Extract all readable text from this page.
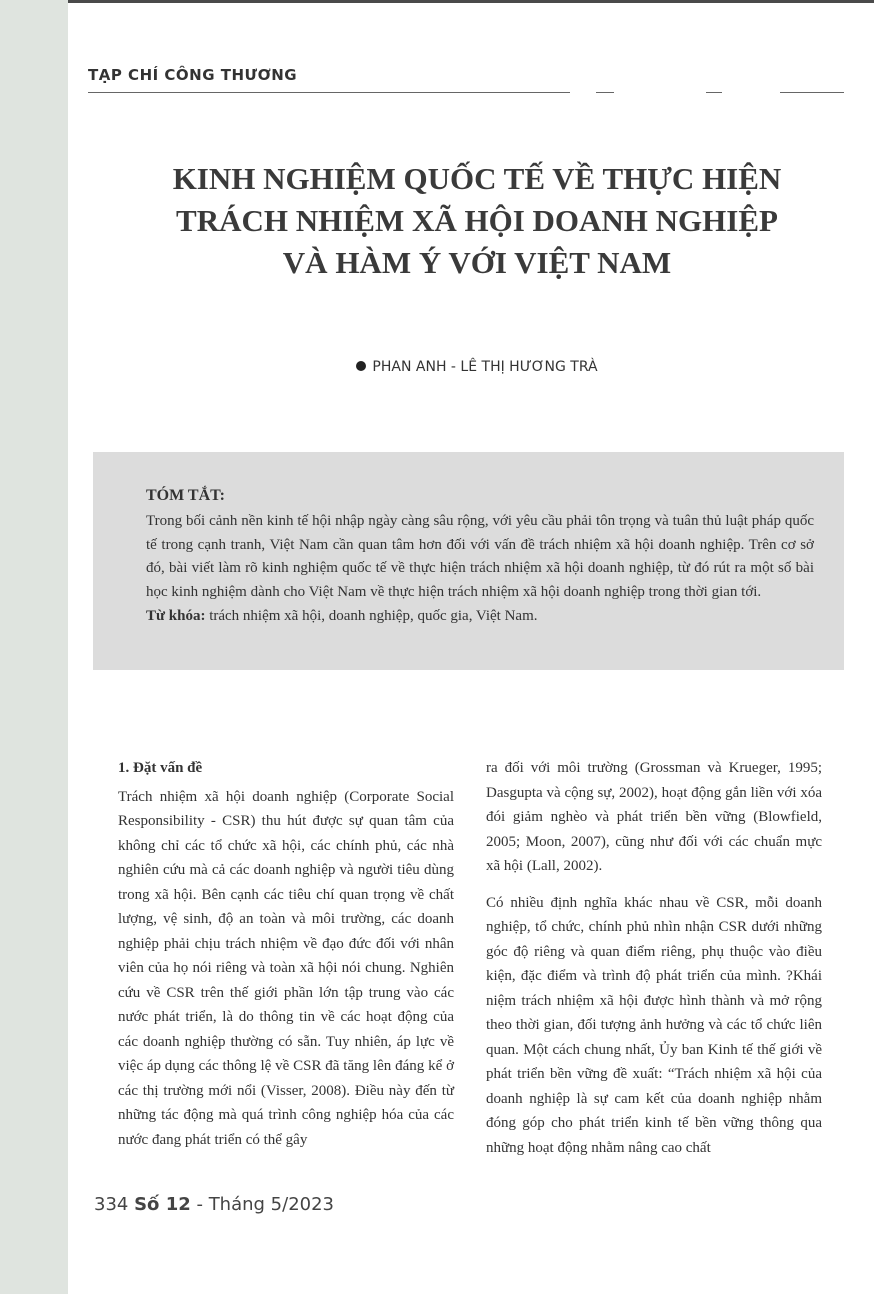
TẠP CHÍ CÔNG THƯƠNG
KINH NGHIỆM QUỐC TẾ VỀ THỰC HIỆN
TRÁCH NHIỆM XÃ HỘI DOANH NGHIỆP
VÀ HÀM Ý VỚI VIỆT NAM
PHAN ANH - LÊ THỊ HƯƠNG TRÀ
TÓM TẮT:
Trong bối cảnh nền kinh tế hội nhập ngày càng sâu rộng, với yêu cầu phải tôn trọng và tuân thủ luật pháp quốc tế trong cạnh tranh, Việt Nam cần quan tâm hơn đối với vấn đề trách nhiệm xã hội doanh nghiệp. Trên cơ sở đó, bài viết làm rõ kinh nghiệm quốc tế về thực hiện trách nhiệm xã hội doanh nghiệp, từ đó rút ra một số bài học kinh nghiệm dành cho Việt Nam về thực hiện trách nhiệm xã hội doanh nghiệp trong thời gian tới.
Từ khóa: trách nhiệm xã hội, doanh nghiệp, quốc gia, Việt Nam.

1. Đặt vấn đề

Trách nhiệm xã hội doanh nghiệp (Corporate Social Responsibility - CSR) thu hút được sự quan tâm của không chỉ các tổ chức xã hội, các chính phủ, các nhà nghiên cứu mà cả các doanh nghiệp và người tiêu dùng trong xã hội. Bên cạnh các tiêu chí quan trọng về chất lượng, vệ sinh, độ an toàn và môi trường, các doanh nghiệp phải chịu trách nhiệm về đạo đức đối với nhân viên của họ nói riêng và toàn xã hội nói chung. Nghiên cứu về CSR trên thế giới phần lớn tập trung vào các nước phát triển, là do thông tin về các hoạt động của các doanh nghiệp thường có sẵn. Tuy nhiên, áp lực về việc áp dụng các thông lệ về CSR đã tăng lên đáng kể ở các thị trường mới nổi (Visser, 2008). Điều này đến từ những tác động mà quá trình công nghiệp hóa của các nước đang phát triển có thể gây

ra đối với môi trường (Grossman và Krueger, 1995; Dasgupta và cộng sự, 2002), hoạt động gắn liền với xóa đói giảm nghèo và phát triển bền vững (Blowfield, 2005; Moon, 2007), cũng như đối với các chuẩn mực xã hội (Lall, 2002).

Có nhiều định nghĩa khác nhau về CSR, mỗi doanh nghiệp, tổ chức, chính phủ nhìn nhận CSR dưới những góc độ riêng và quan điểm riêng, phụ thuộc vào điều kiện, đặc điểm và trình độ phát triển của mình. ?Khái niệm trách nhiệm xã hội được hình thành và mở rộng theo thời gian, đối tượng ảnh hưởng và các tổ chức liên quan. Một cách chung nhất, Ủy ban Kinh tế thế giới về phát triển bền vững đề xuất: “Trách nhiệm xã hội của doanh nghiệp là sự cam kết của doanh nghiệp nhằm đóng góp cho phát triển kinh tế bền vững thông qua những hoạt động nhằm nâng cao chất

334 Số 12 - Tháng 5/2023
